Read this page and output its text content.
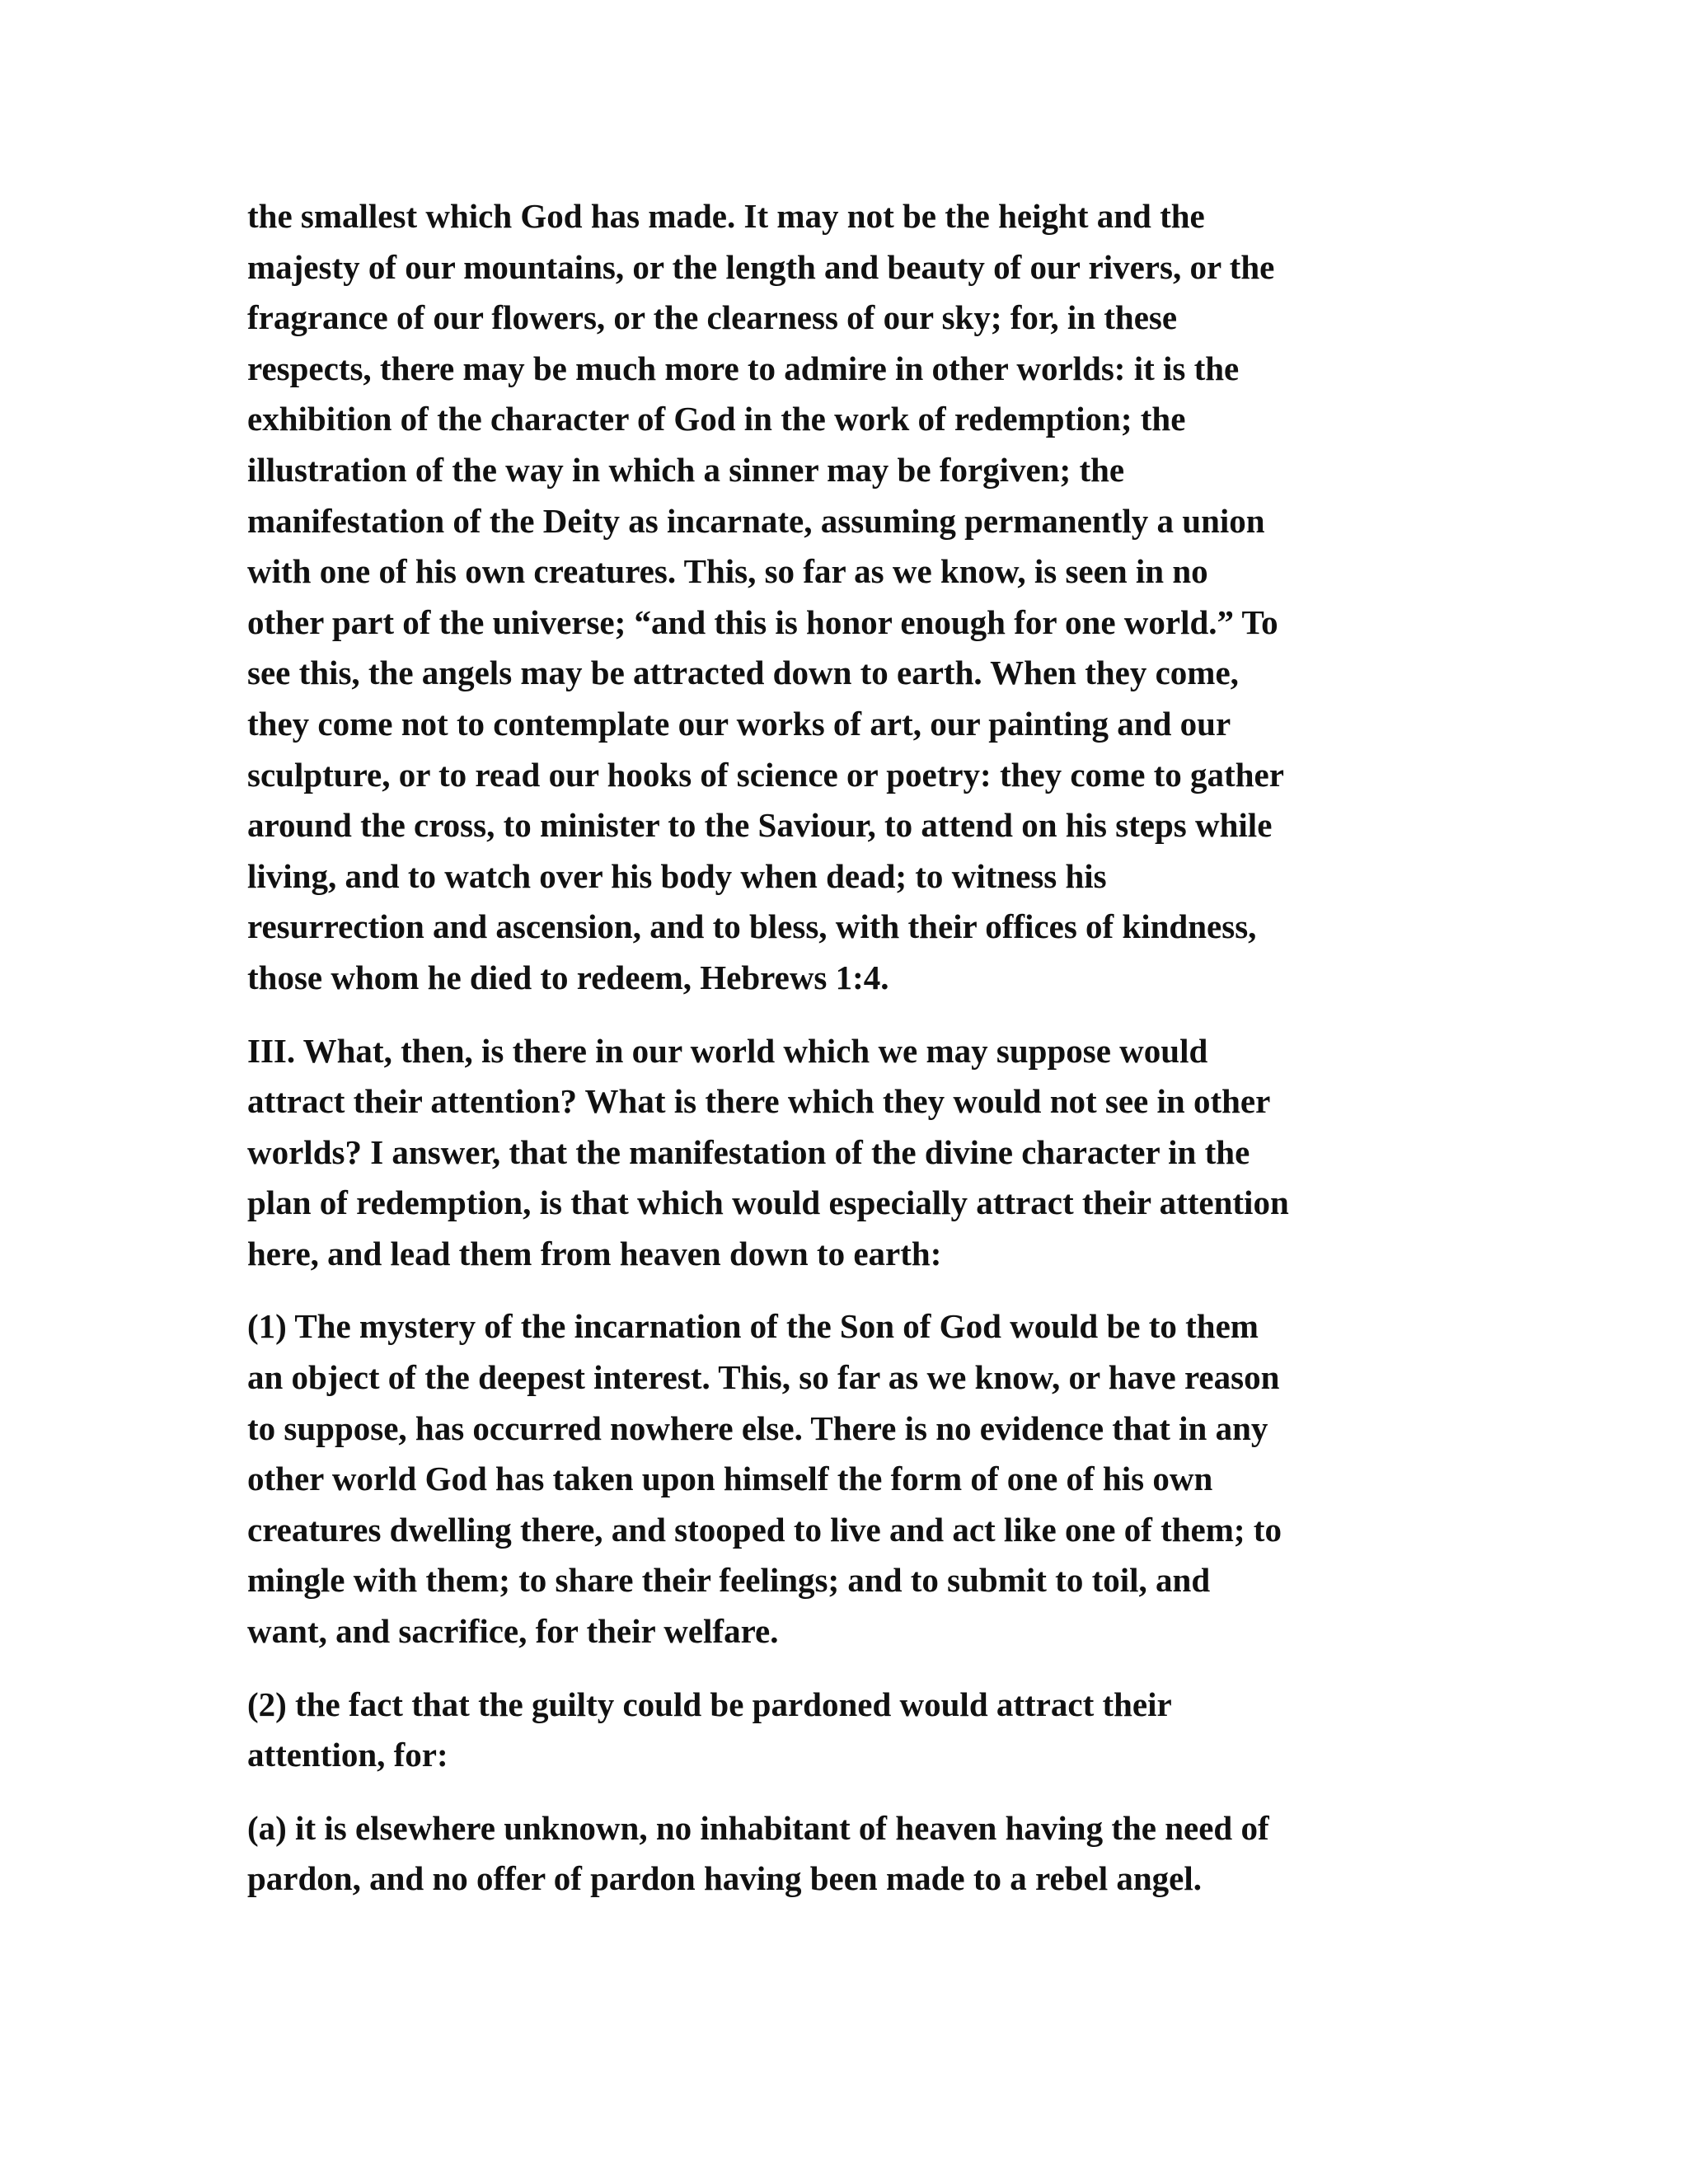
the smallest which God has made. It may not be the height and the
majesty of our mountains, or the length and beauty of our rivers, or the
fragrance of our flowers, or the clearness of our sky; for, in these
respects, there may be much more to admire in other worlds: it is the
exhibition of the character of God in the work of redemption; the
illustration of the way in which a sinner may be forgiven; the
manifestation of the Deity as incarnate, assuming permanently a union
with one of his own creatures. This, so far as we know, is seen in no
other part of the universe; “and this is honor enough for one world.” To
see this, the angels may be attracted down to earth. When they come,
they come not to contemplate our works of art, our painting and our
sculpture, or to read our hooks of science or poetry: they come to gather
around the cross, to minister to the Saviour, to attend on his steps while
living, and to watch over his body when dead; to witness his
resurrection and ascension, and to bless, with their offices of kindness,
those whom he died to redeem, Hebrews 1:4.

III. What, then, is there in our world which we may suppose would
attract their attention? What is there which they would not see in other
worlds? I answer, that the manifestation of the divine character in the
plan of redemption, is that which would especially attract their attention
here, and lead them from heaven down to earth:

(1) The mystery of the incarnation of the Son of God would be to them
an object of the deepest interest. This, so far as we know, or have reason
to suppose, has occurred nowhere else. There is no evidence that in any
other world God has taken upon himself the form of one of his own
creatures dwelling there, and stooped to live and act like one of them; to
mingle with them; to share their feelings; and to submit to toil, and
want, and sacrifice, for their welfare.

(2) the fact that the guilty could be pardoned would attract their
attention, for:

(a) it is elsewhere unknown, no inhabitant of heaven having the need of
pardon, and no offer of pardon having been made to a rebel angel.
